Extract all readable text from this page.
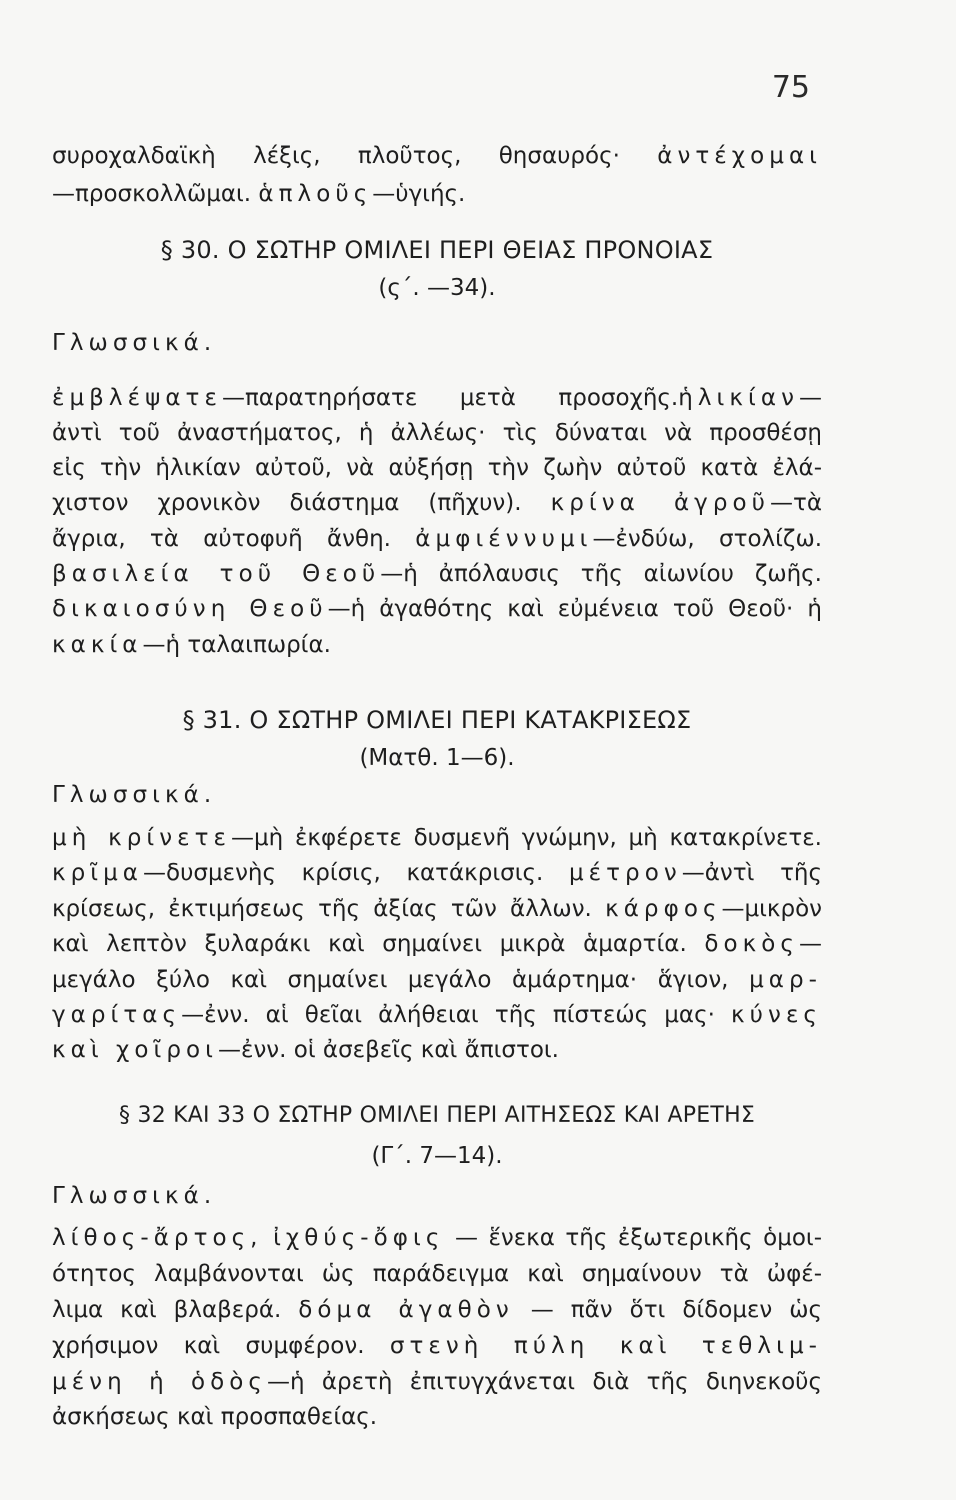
75
συροχαλδαϊκὴ λέξις, πλοῦτος, θησαυρός· ἀντέχομαι
—προσκολλῶμαι. ἁπλοῦς—ὑγιής.
§ 30. Ο ΣΩΤΗΡ ΟΜΙΛΕΙ ΠΕΡΙ ΘΕΙΑΣ ΠΡΟΝΟΙΑΣ
(ς΄. —34).
Γλωσσικά.
ἐμβλέψατε—παρατηρήσατε μετὰ προσοχῆς.ἡλικίαν—
ἀντὶ τοῦ ἀναστήματος, ἡ ἀλλέως· τὶς δύναται νὰ προσθέσῃ
εἰς τὴν ἡλικίαν αὐτοῦ, νὰ αὐξήσῃ τὴν ζωὴν αὐτοῦ κατὰ ἐλά-
χιστον χρονικὸν διάστημα (πῆχυν). κρίνα ἀγροῦ—τὰ
ἄγρια, τὰ αὐτοφυῆ ἄνθη. ἀμφιέννυμι—ἐνδύω, στολίζω.
βασιλεία τοῦ Θεοῦ—ἡ ἀπόλαυσις τῆς αἰωνίου ζωῆς.
δικαιοσύνη Θεοῦ—ἡ ἀγαθότης καὶ εὐμένεια τοῦ Θεοῦ· ἡ
κακία—ἡ ταλαιπωρία.
§ 31. Ο ΣΩΤΗΡ ΟΜΙΛΕΙ ΠΕΡΙ ΚΑΤΑΚΡΙΣΕΩΣ
(Ματθ. 1—6).
Γλωσσικά.
μὴ κρίνετε—μὴ ἐκφέρετε δυσμενῆ γνώμην, μὴ κατακρίνετε.
κρῖμα—δυσμενὴς κρίσις, κατάκρισις. μέτρον—ἀντὶ τῆς
κρίσεως, ἐκτιμήσεως τῆς ἀξίας τῶν ἄλλων. κάρφος—μικρὸν
καὶ λεπτὸν ξυλαράκι καὶ σημαίνει μικρὰ ἁμαρτία. δοκὸς—
μεγάλο ξύλο καὶ σημαίνει μεγάλο ἁμάρτημα· ἅγιον, μαρ-
γαρίτας—ἐνν. αἱ θεῖαι ἀλήθειαι τῆς πίστεώς μας· κύνες
καὶ χοῖροι—ἐνν. οἱ ἀσεβεῖς καὶ ἄπιστοι.
§ 32 ΚΑΙ 33 Ο ΣΩΤΗΡ ΟΜΙΛΕΙ ΠΕΡΙ ΑΙΤΗΣΕΩΣ ΚΑΙ ΑΡΕΤΗΣ
(Γ΄. 7—14).
Γλωσσικά.
λίθος-ἄρτος, ἰχθύς-ὄφις — ἕνεκα τῆς ἐξωτερικῆς ὁμοι-
ότητος λαμβάνονται ὡς παράδειγμα καὶ σημαίνουν τὰ ὠφέ-
λιμα καὶ βλαβερά. δόμα ἀγαθὸν — πᾶν ὅτι δίδομεν ὡς
χρήσιμον καὶ συμφέρον. στενὴ πύλη καὶ τεθλιμ-
μένη ἡ ὁδὸς—ἡ ἀρετὴ ἐπιτυγχάνεται διὰ τῆς διηνεκοῦς
ἀσκήσεως καὶ προσπαθείας.
